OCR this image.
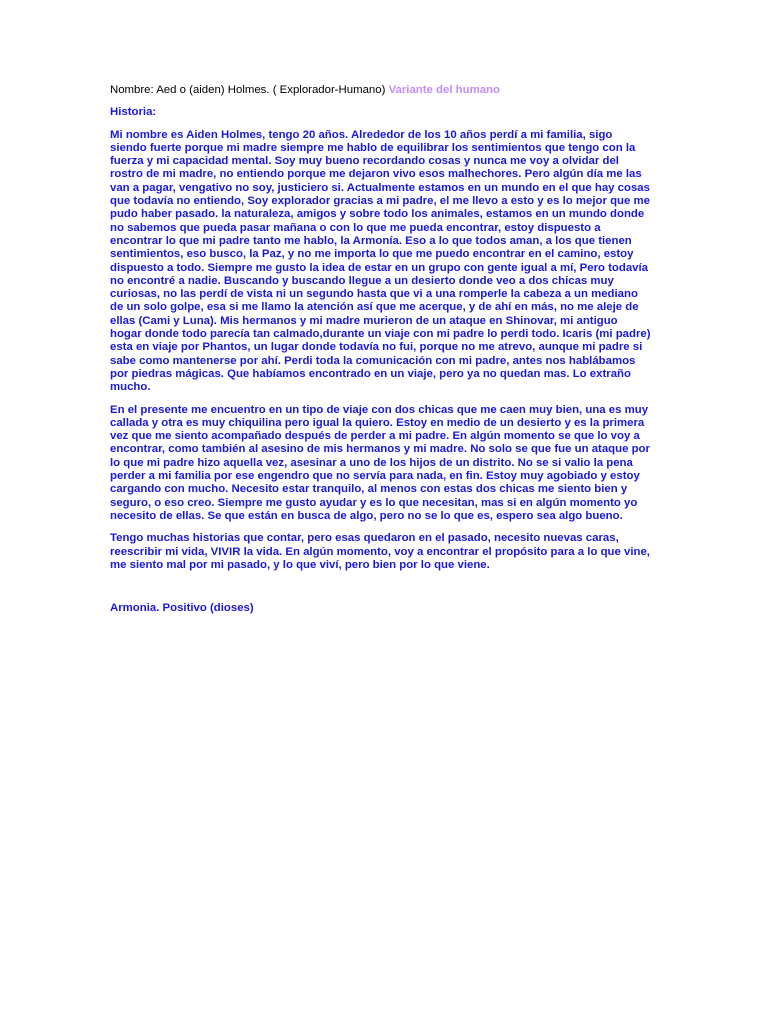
Nombre: Aed o (aiden) Holmes. ( Explorador-Humano) Variante del humano
Historia:

Mi nombre es Aiden Holmes, tengo 20 años. Alrededor de los 10 años perdí a mi familia, sigo siendo fuerte porque mi madre siempre me hablo de equilibrar los sentimientos que tengo con la fuerza y mi capacidad mental. Soy muy bueno recordando cosas y nunca me voy a olvidar del rostro de mi madre, no entiendo porque me dejaron vivo esos malhechores. Pero algún día me las van a pagar, vengativo no soy, justiciero si. Actualmente estamos en un mundo en el que hay cosas que todavía no entiendo, Soy explorador gracias a mi padre, el me llevo a esto y es lo mejor que me pudo haber pasado. la naturaleza, amigos y sobre todo los animales, estamos en un mundo donde no sabemos que pueda pasar mañana o con lo que me pueda encontrar, estoy dispuesto a encontrar lo que mi padre tanto me hablo, la Armonía. Eso a lo que todos aman, a los que tienen sentimientos, eso busco, la Paz, y no me importa lo que me puedo encontrar en el camino, estoy dispuesto a todo. Siempre me gusto la idea de estar en un grupo con gente igual a mí, Pero todavía no encontré a nadie. Buscando y buscando llegue a un desierto donde veo a dos chicas muy curiosas, no las perdí de vista ni un segundo hasta que vi a una romperle la cabeza a un mediano de un solo golpe, esa si me llamo la atención así que me acerque, y de ahí en más, no me aleje de ellas (Cami y Luna). Mis hermanos y mi madre murieron de un ataque en Shinovar, mi antiguo hogar donde todo parecía tan calmado,durante un viaje con mi padre lo perdi todo. Icaris (mi padre) esta en viaje por Phantos, un lugar donde todavía no fui, porque no me atrevo, aunque mi padre si sabe como mantenerse por ahí. Perdi toda la comunicación con mi padre, antes nos hablábamos por piedras mágicas. Que habíamos encontrado en un viaje, pero ya no quedan mas. Lo extraño mucho.

En el presente me encuentro en un tipo de viaje con dos chicas que me caen muy bien, una es muy callada y otra es muy chiquilina pero igual la quiero. Estoy en medio de un desierto y es la primera vez que me siento acompañado después de perder a mi padre. En algún momento se que lo voy a encontrar, como también al asesino de mis hermanos y mi madre. No solo se que fue un ataque por lo que mi padre hizo aquella vez, asesinar a uno de los hijos de un distrito. No se si valio la pena perder a mi familia por ese engendro que no servía para nada, en fin. Estoy muy agobiado y estoy cargando con mucho. Necesito estar tranquilo, al menos con estas dos chicas me siento bien y seguro, o eso creo. Siempre me gusto ayudar y es lo que necesitan, mas si en algún momento yo necesito de ellas. Se que están en busca de algo, pero no se lo que es, espero sea algo bueno.

Tengo muchas historias que contar, pero esas quedaron en el pasado, necesito nuevas caras, reescribir mi vida, VIVIR la vida. En algún momento, voy a encontrar el propósito para a lo que vine, me siento mal por mi pasado, y lo que viví, pero bien por lo que viene.

Armonia. Positivo (dioses)
